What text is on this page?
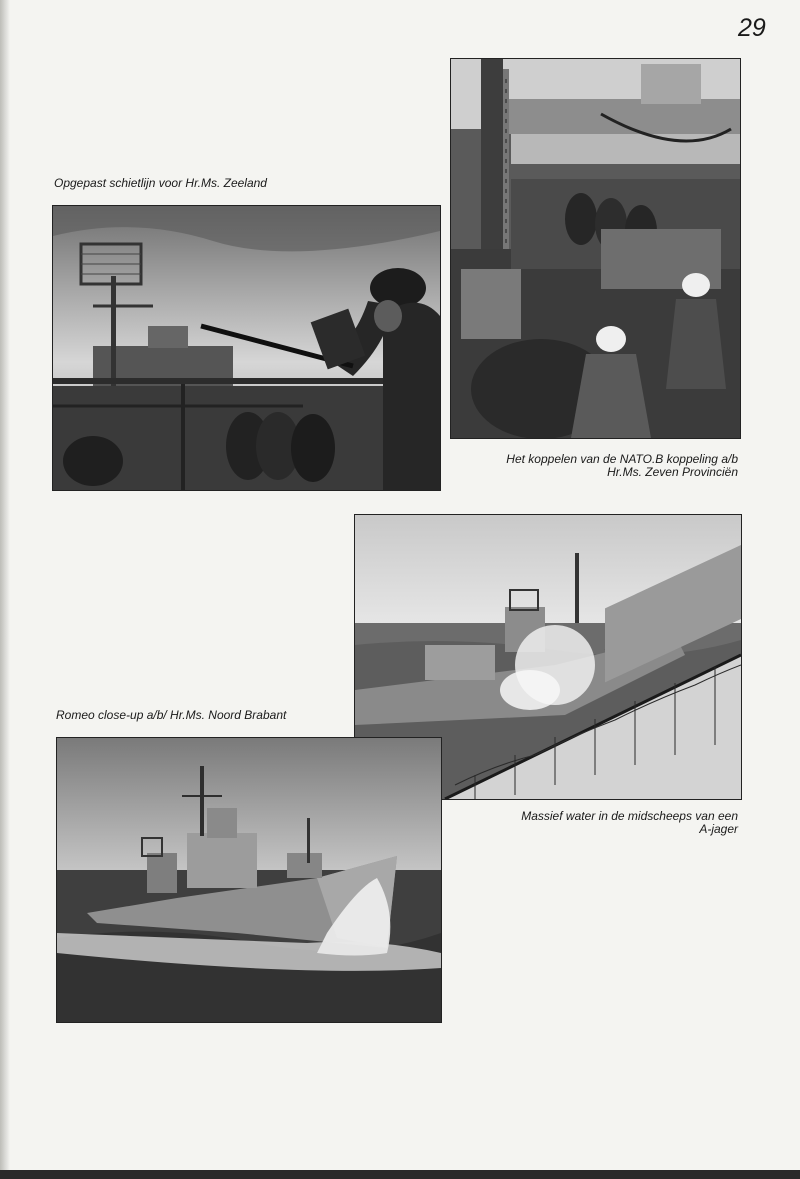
29
Opgepast schietlijn voor Hr.Ms. Zeeland
Het koppelen van de NATO.B koppeling a/b
Hr.Ms. Zeven Provinciën
Massief water in de midscheeps van een
A-jager
Romeo close-up a/b/ Hr.Ms. Noord Brabant
